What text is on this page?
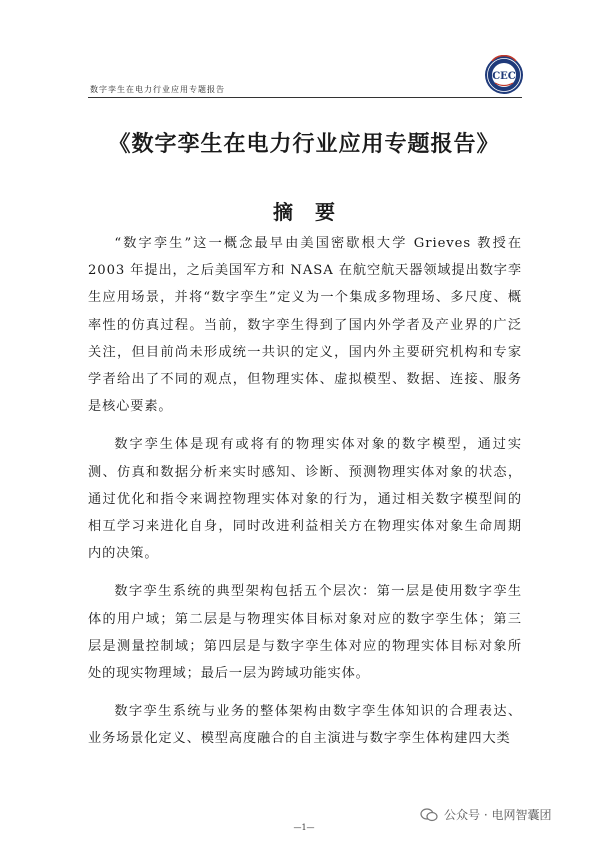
数字孪生在电力行业应用专题报告
CEC
《数字孪生在电力行业应用专题报告》
摘要

“数字孪生”这一概念最早由美国密歇根大学 Grieves 教授在 2003 年提出，之后美国军方和 NASA 在航空航天器领域提出数字孪生应用场景，并将“数字孪生”定义为一个集成多物理场、多尺度、概率性的仿真过程。当前，数字孪生得到了国内外学者及产业界的广泛关注，但目前尚未形成统一共识的定义，国内外主要研究机构和专家学者给出了不同的观点，但物理实体、虚拟模型、数据、连接、服务是核心要素。

数字孪生体是现有或将有的物理实体对象的数字模型，通过实测、仿真和数据分析来实时感知、诊断、预测物理实体对象的状态，通过优化和指令来调控物理实体对象的行为，通过相关数字模型间的相互学习来进化自身，同时改进利益相关方在物理实体对象生命周期内的决策。

数字孪生系统的典型架构包括五个层次：第一层是使用数字孪生体的用户域；第二层是与物理实体目标对象对应的数字孪生体；第三层是测量控制域；第四层是与数字孪生体对应的物理实体目标对象所处的现实物理域；最后一层为跨域功能实体。

数字孪生系统与业务的整体架构由数字孪生体知识的合理表达、业务场景化定义、模型高度融合的自主演进与数字孪生体构建四大类

公众号 · 电网智囊团
—1—
